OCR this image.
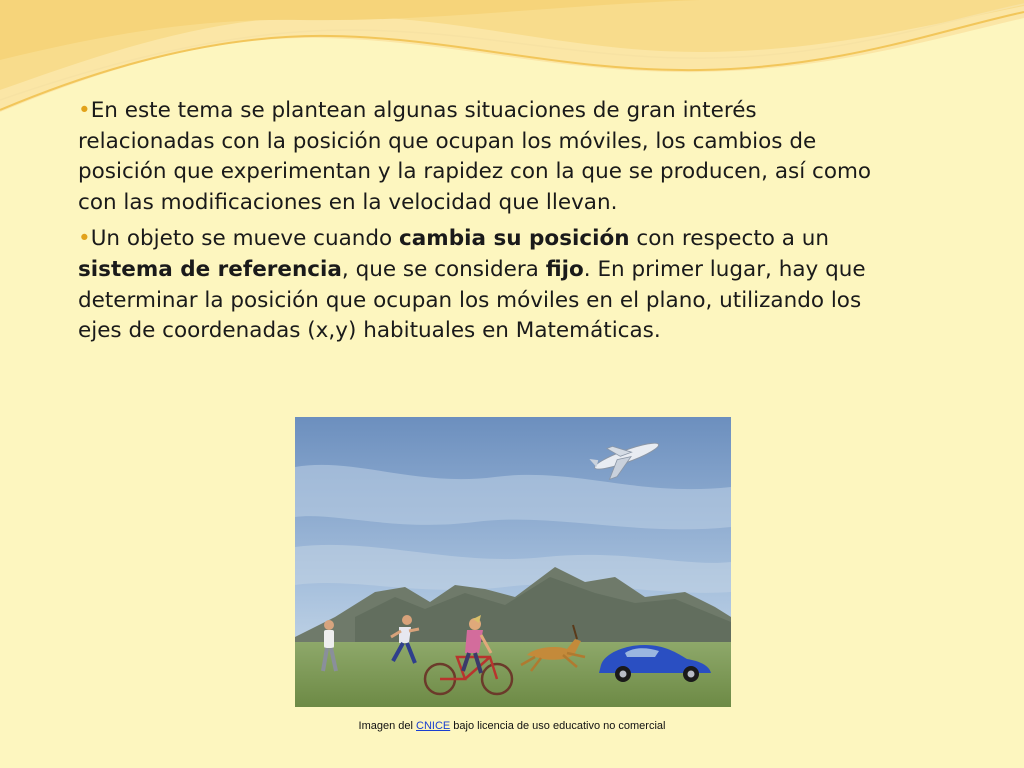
•En este tema se plantean algunas situaciones de gran interés relacionadas con la posición que ocupan los móviles, los cambios de posición que experimentan y la rapidez con la que se producen, así como con las modificaciones en la velocidad que llevan.
•Un objeto se mueve cuando cambia su posición con respecto a un sistema de referencia, que se considera fijo. En primer lugar, hay que determinar la posición que ocupan los móviles en el plano, utilizando los ejes de coordenadas (x,y) habituales en Matemáticas.
Imagen del CNICE bajo licencia de uso educativo no comercial
